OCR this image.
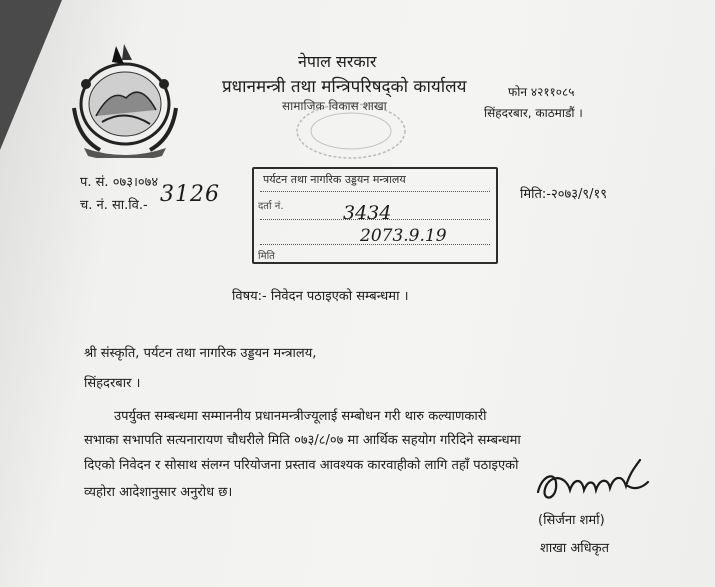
नेपाल सरकार
प्रधानमन्त्री तथा मन्त्रिपरिषद्को कार्यालय
सामाजिक विकास शाखा
फोन ४२११०८५
सिंहदरबार, काठमाडौं ।
प. सं. ०७३।०७४
च. नं. सा.वि.- 3126	मिति:-२०७३/९/१९
पर्यटन तथा नागरिक उड्डयन मन्त्रालय
दर्ता नं.	3434
2073.9.19
मिति
विषय:- निवेदन पठाइएको सम्बन्धमा ।
श्री संस्कृति, पर्यटन तथा नागरिक उड्डयन मन्त्रालय,
सिंहदरबार ।
उपर्युक्त सम्बन्धमा सम्माननीय प्रधानमन्त्रीज्यूलाई सम्बोधन गरी थारु कल्याणकारी
सभाका सभापति सत्यनारायण चौधरीले मिति ०७३/८/०७ मा आर्थिक सहयोग गरिदिने सम्बन्धमा
दिएको निवेदन र सोसाथ संलग्न परियोजना प्रस्ताव आवश्यक कारवाहीको लागि तहाँ पठाइएको
व्यहोरा आदेशानुसार अनुरोध छ।
(सिर्जना शर्मा)
शाखा अधिकृत
